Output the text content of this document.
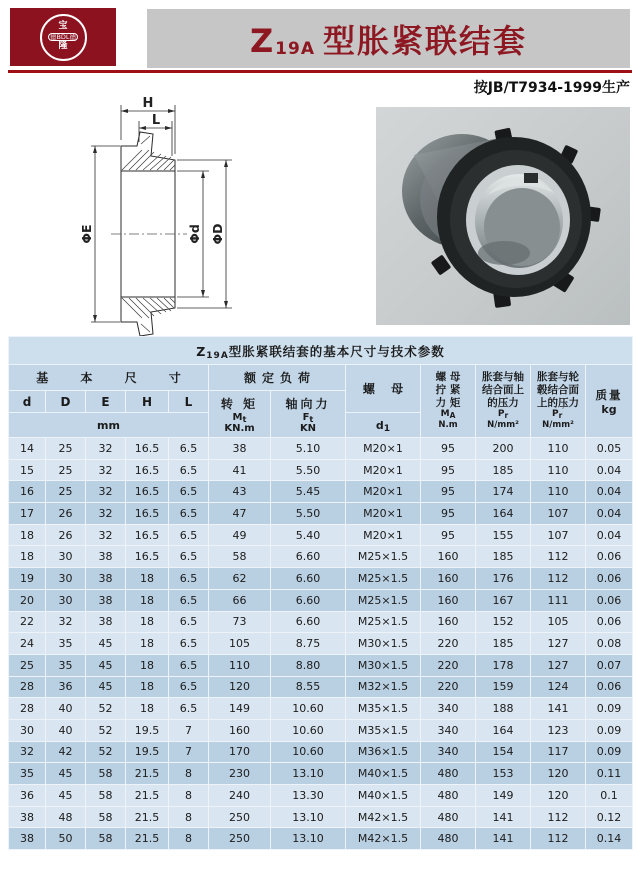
宝
德BDL德
隆	$Z_{19A}$ 型胀紧联结套
按JB/T7934-1999生产
H
L
ΦE	Φd ΦD
$Z_{19A}$型胀紧联结套的基本尺寸与技术参数											
基 本 尺 寸	额定负荷	螺 母	
螺 母
拧 紧
力 矩
$M_A$
N.m

胀套与轴
结合面上
的压力
$P_r$
N/mm²

胀套与轮
毂结合面
上的压力
$P_r'$
N/mm²

质量
kg

d	D	E	H	L	转 矩
$M_t$
KN.m

轴向力
$F_t$
KN

mm							$d_1$
14	25	32	16.5	6.5	38	5.10	M20×1	95	200	110	0.05
15	25	32	16.5	6.5	41	5.50	M20×1	95	185	110	0.04
16	25	32	16.5	6.5	43	5.45	M20×1	95	174	110	0.04
17	26	32	16.5	6.5	47	5.50	M20×1	95	164	107	0.04
18	26	32	16.5	6.5	49	5.40	M20×1	95	155	107	0.04
18	30	38	16.5	6.5	58	6.60	M25×1.5	160	185	112	0.06
19	30	38	18	6.5	62	6.60	M25×1.5	160	176	112	0.06
20	30	38	18	6.5	66	6.60	M25×1.5	160	167	111	0.06
22	32	38	18	6.5	73	6.60	M25×1.5	160	152	105	0.06
24	35	45	18	6.5	105	8.75	M30×1.5	220	185	127	0.08
25	35	45	18	6.5	110	8.80	M30×1.5	220	178	127	0.07
28	36	45	18	6.5	120	8.55	M32×1.5	220	159	124	0.06
28	40	52	18	6.5	149	10.60	M35×1.5	340	188	141	0.09
30	40	52	19.5	7	160	10.60	M35×1.5	340	164	123	0.09
32	42	52	19.5	7	170	10.60	M36×1.5	340	154	117	0.09
35	45	58	21.5	8	230	13.10	M40×1.5	480	153	120	0.11
36	45	58	21.5	8	240	13.30	M40×1.5	480	149	120	0.1
38	48	58	21.5	8	250	13.10	M42×1.5	480	141	112	0.12
38	50	58	21.5	8	250	13.10	M42×1.5	480	141	112	0.14
